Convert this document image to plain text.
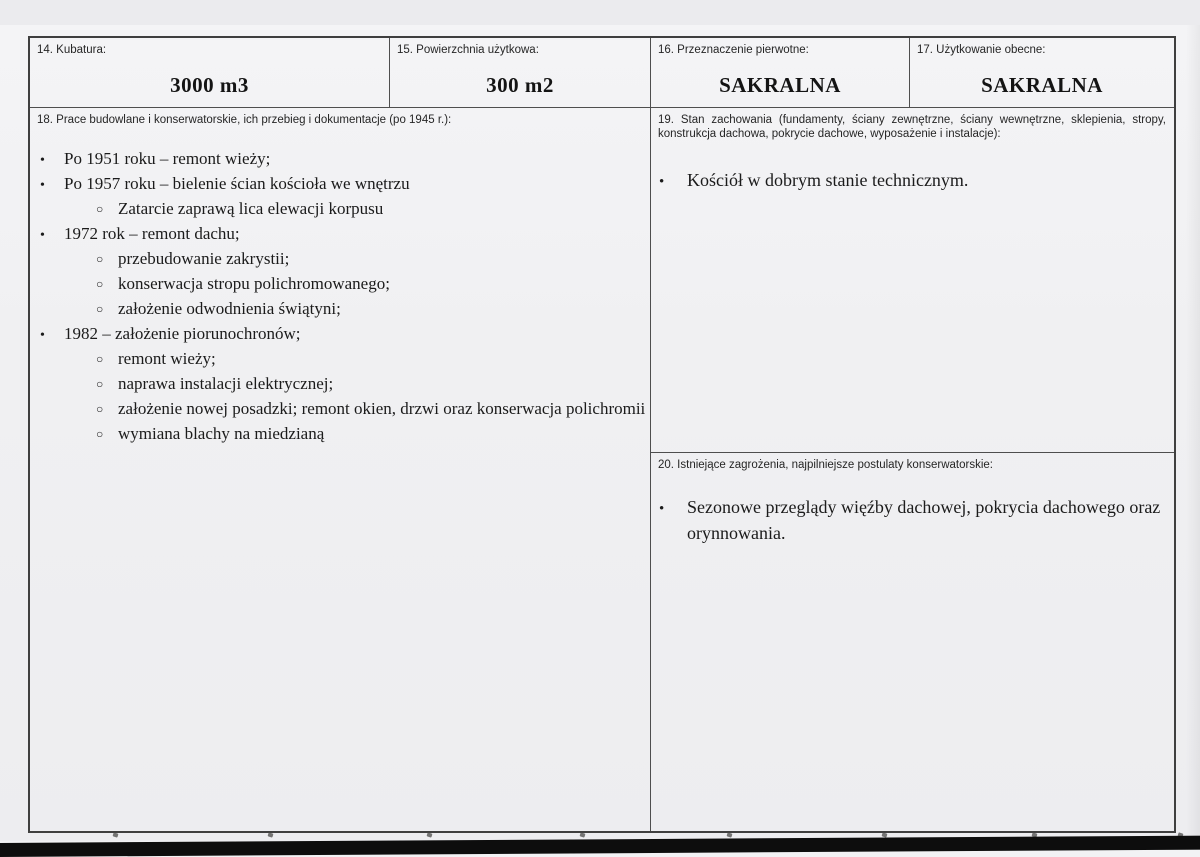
14. Kubatura:
3000 m3
15. Powierzchnia użytkowa:
300 m2
16. Przeznaczenie pierwotne:
SAKRALNA
17. Użytkowanie obecne:
SAKRALNA
18. Prace budowlane i konserwatorskie, ich przebieg i dokumentacje (po 1945 r.):
•	Po 1951 roku – remont wieży;
•	Po 1957 roku – bielenie ścian kościoła we wnętrzu
○ Zatarcie zaprawą lica elewacji korpusu
•	1972 rok – remont dachu;
○ przebudowanie zakrystii;
○ konserwacja stropu polichromowanego;
○ założenie odwodnienia świątyni;
•	1982 – założenie piorunochronów;
○ remont wieży;
○ naprawa instalacji elektrycznej;
○ założenie nowej posadzki; remont okien, drzwi oraz konserwacja polichromii
○ wymiana blachy na miedzianą
19. Stan zachowania (fundamenty, ściany zewnętrzne, ściany wewnętrzne, sklepienia, stropy, konstrukcja dachowa, pokrycie dachowe, wyposażenie i instalacje):
•	Kościół w dobrym stanie technicznym.
20. Istniejące zagrożenia, najpilniejsze postulaty konserwatorskie:
•	Sezonowe przeglądy więźby dachowej, pokrycia dachowego oraz orynnowania.
